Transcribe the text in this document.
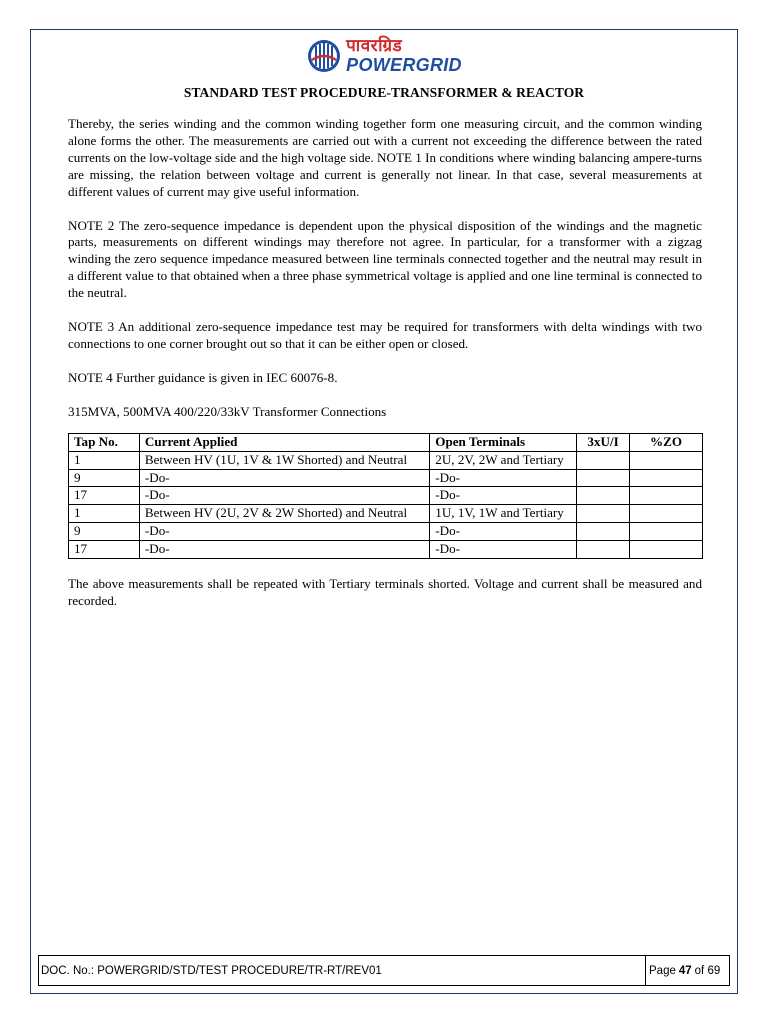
पावरग्रिड
POWERGRID
STANDARD TEST PROCEDURE-TRANSFORMER & REACTOR

Thereby, the series winding and the common winding together form one measuring circuit, and the common winding alone forms the other. The measurements are carried out with a current not exceeding the difference between the rated currents on the low-voltage side and the high voltage side. NOTE 1 In conditions where winding balancing ampere-turns are missing, the relation between voltage and current is generally not linear. In that case, several measurements at different values of current may give useful information.

NOTE 2 The zero-sequence impedance is dependent upon the physical disposition of the windings and the magnetic parts, measurements on different windings may therefore not agree. In particular, for a transformer with a zigzag winding the zero sequence impedance measured between line terminals connected together and the neutral may result in a different value to that obtained when a three phase symmetrical voltage is applied and one line terminal is connected to the neutral.

NOTE 3 An additional zero-sequence impedance test may be required for transformers with delta windings with two connections to one corner brought out so that it can be either open or closed.

NOTE 4 Further guidance is given in IEC 60076-8.

315MVA, 500MVA 400/220/33kV Transformer Connections

Tap No.	Current Applied	Open Terminals	3xU/I	%ZO
1	Between HV (1U, 1V & 1W Shorted) and Neutral	2U, 2V, 2W and Tertiary		
9	-Do-	-Do-		
17	-Do-	-Do-		
1	Between HV (2U, 2V & 2W Shorted) and Neutral	1U, 1V, 1W and Tertiary		
9	-Do-	-Do-		
17	-Do-	-Do-		

The above measurements shall be repeated with Tertiary terminals shorted. Voltage and current shall be measured and recorded.

DOC. No.: POWERGRID/STD/TEST PROCEDURE/TR-RT/REV01	Page 47 of 69
